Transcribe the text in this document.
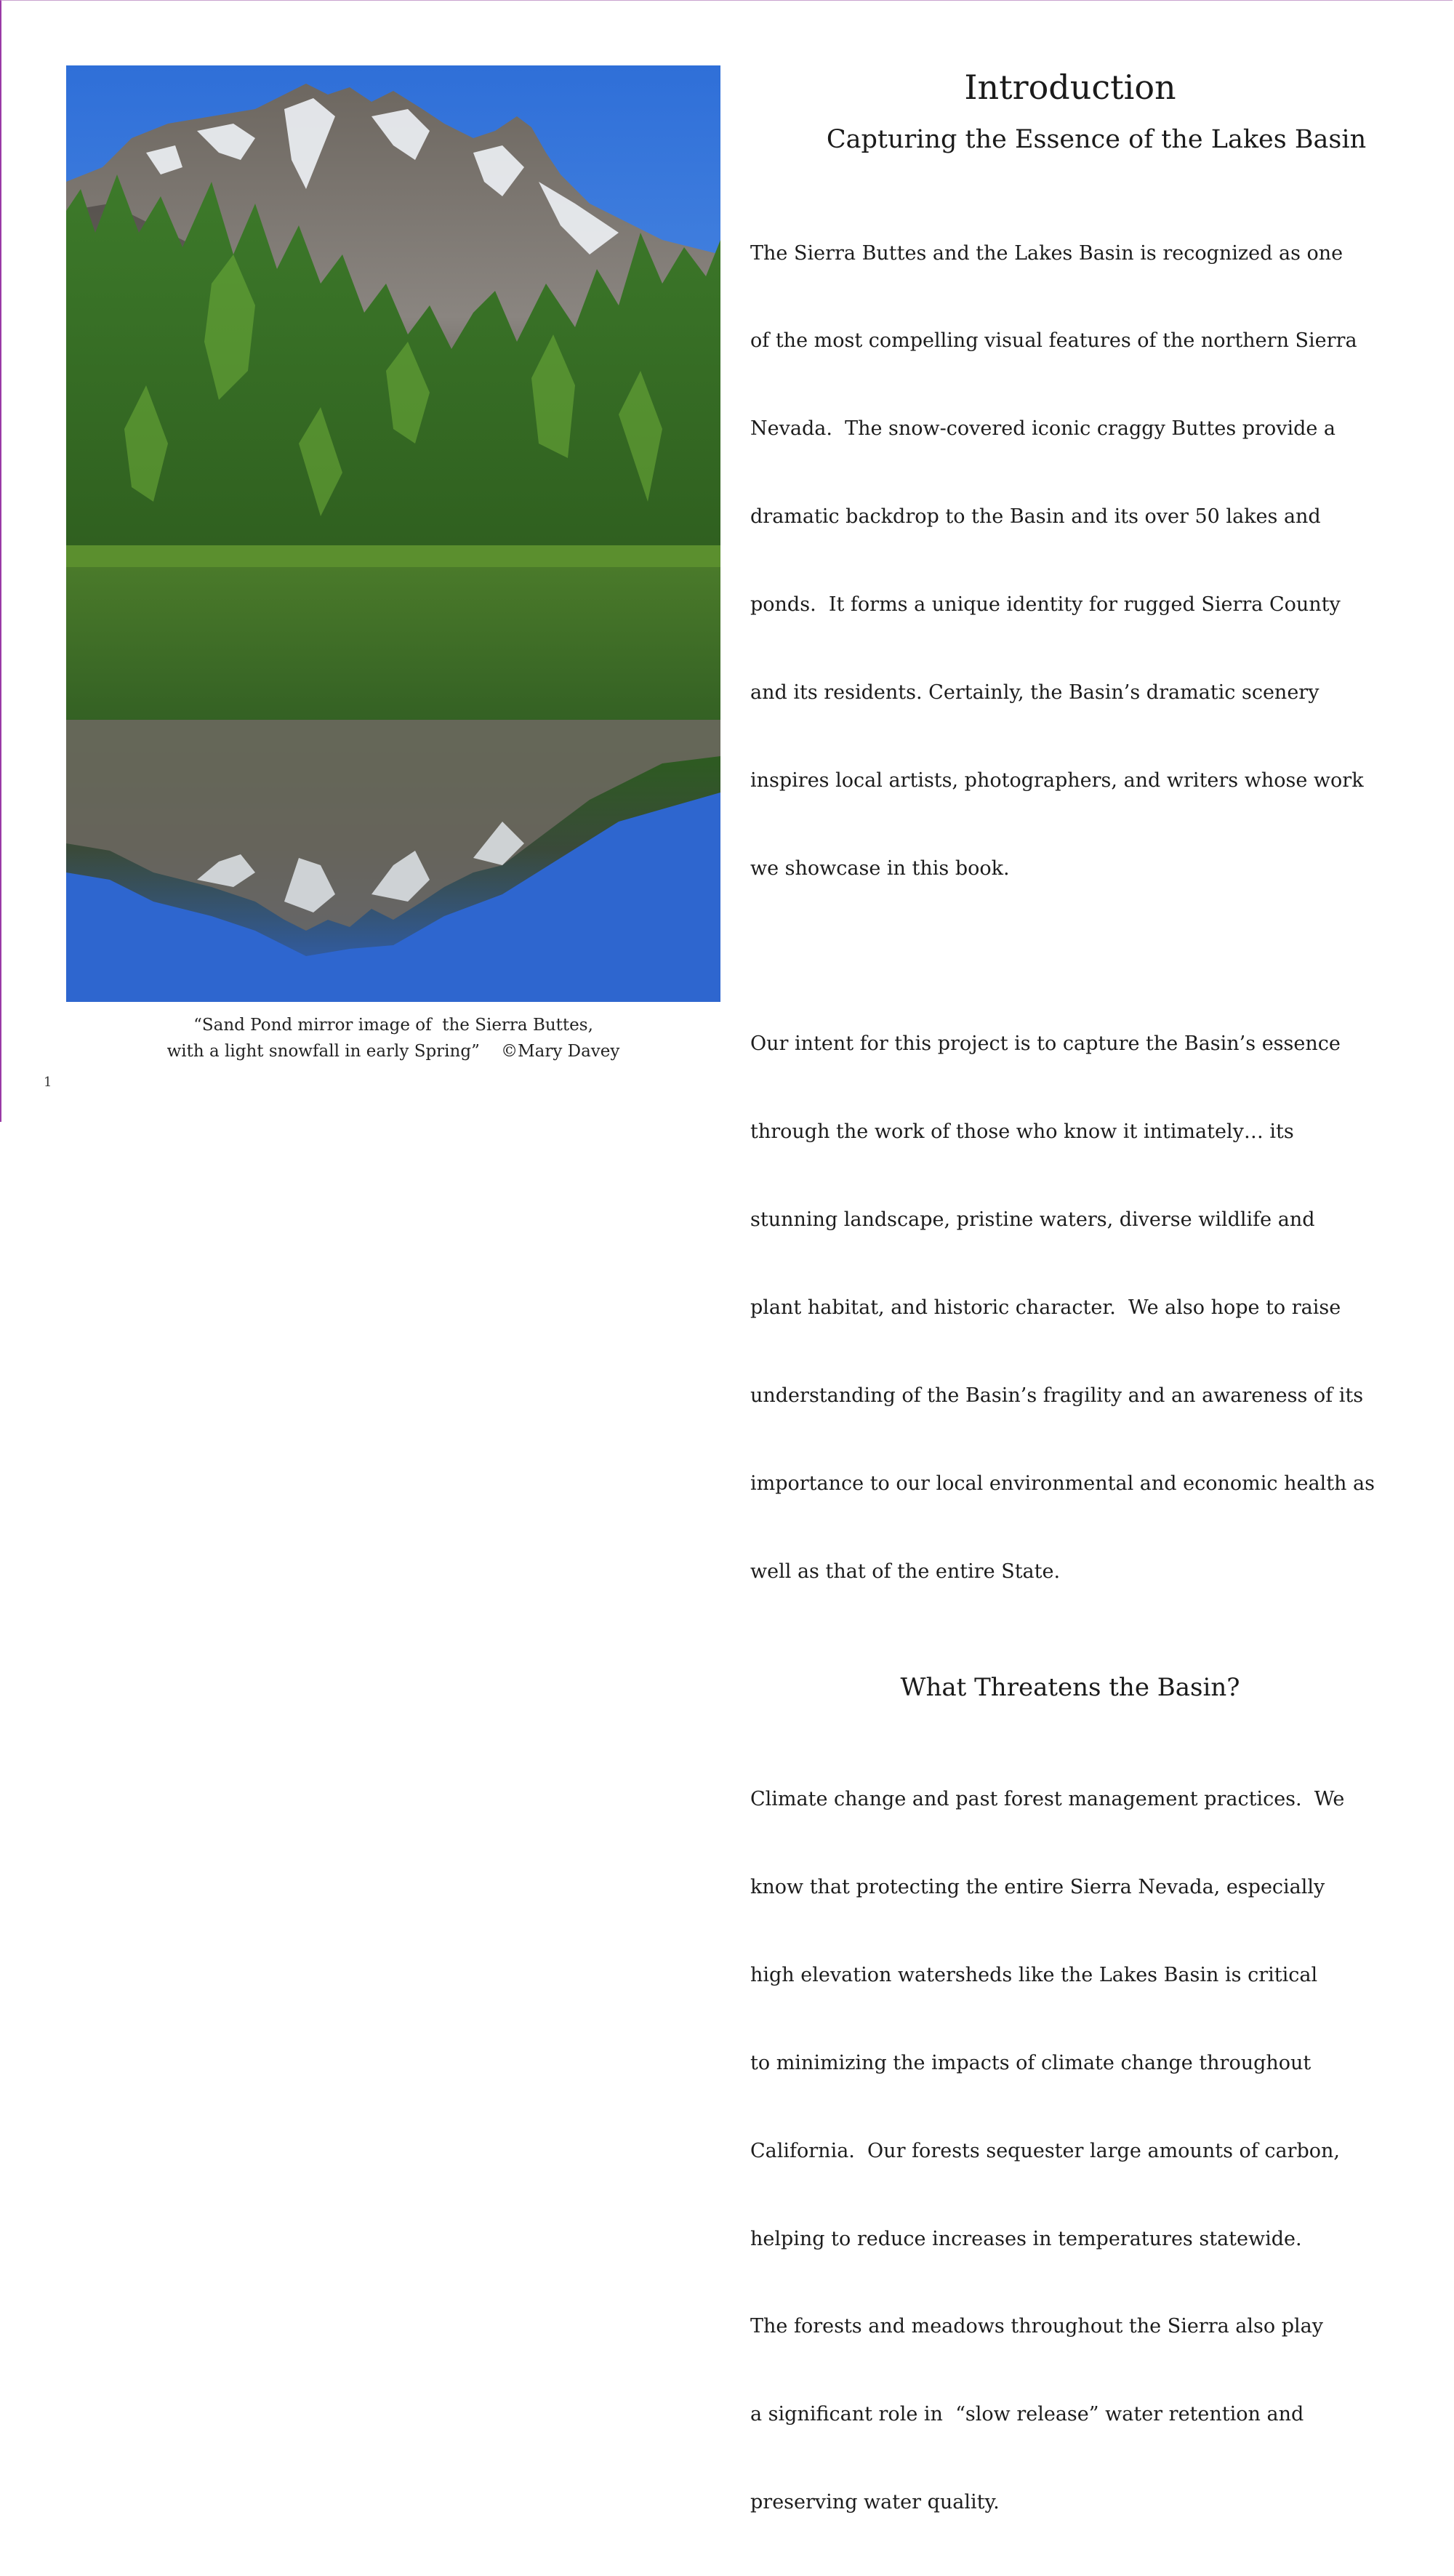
“Sand Pond mirror image of  the Sierra Buttes,
with a light snowfall in early Spring”    ©Mary Davey
1
Introduction
Capturing the Essence of the Lakes Basin

The Sierra Buttes and the Lakes Basin is recognized as one

of the most compelling visual features of the northern Sierra

Nevada.  The snow-covered iconic craggy Buttes provide a

dramatic backdrop to the Basin and its over 50 lakes and

ponds.  It forms a unique identity for rugged Sierra County

and its residents. Certainly, the Basin’s dramatic scenery

inspires local artists, photographers, and writers whose work

we showcase in this book.

Our intent for this project is to capture the Basin’s essence

through the work of those who know it intimately… its

stunning landscape, pristine waters, diverse wildlife and

plant habitat, and historic character.  We also hope to raise

understanding of the Basin’s fragility and an awareness of its

importance to our local environmental and economic health as

well as that of the entire State.

What Threatens the Basin?

Climate change and past forest management practices.  We

know that protecting the entire Sierra Nevada, especially

high elevation watersheds like the Lakes Basin is critical

to minimizing the impacts of climate change throughout

California.  Our forests sequester large amounts of carbon,

helping to reduce increases in temperatures statewide.

The forests and meadows throughout the Sierra also play

a significant role in  “slow release” water retention and

preserving water quality.
